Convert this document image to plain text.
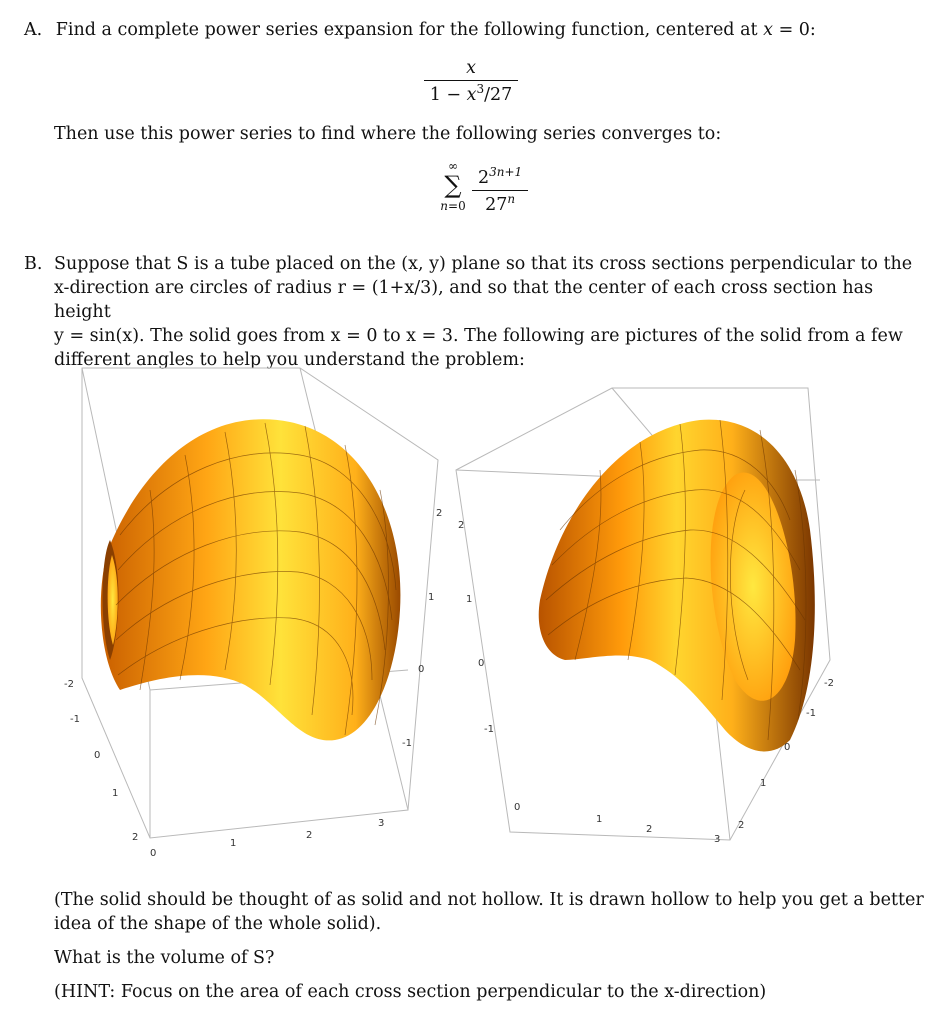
A. Find a complete power series expansion for the following function, centered at x = 0:
$\frac{x}{1 - x^3/27}$
Then use this power series to find where the following series converges to:
∞
∑
$n=0 \frac{2^{3n+1}}{27^n}$
B. Suppose that S is a tube placed on the (x, y) plane so that its cross sections perpendicular to the

x-direction are circles of radius r = (1+x/3), and so that the center of each cross section has height

y = sin(x). The solid goes from x = 0 to x = 3. The following are pictures of the solid from a few

different angles to help you understand the problem:

-2
-1
0
1
2
0
1
2
3
2
1
0
-1
2
1
0
-1
0
1
2
3
-2
-1
0
1
2

(The solid should be thought of as solid and not hollow. It is drawn hollow to help you get a better

idea of the shape of the whole solid).

What is the volume of S?
(HINT: Focus on the area of each cross section perpendicular to the x-direction)
